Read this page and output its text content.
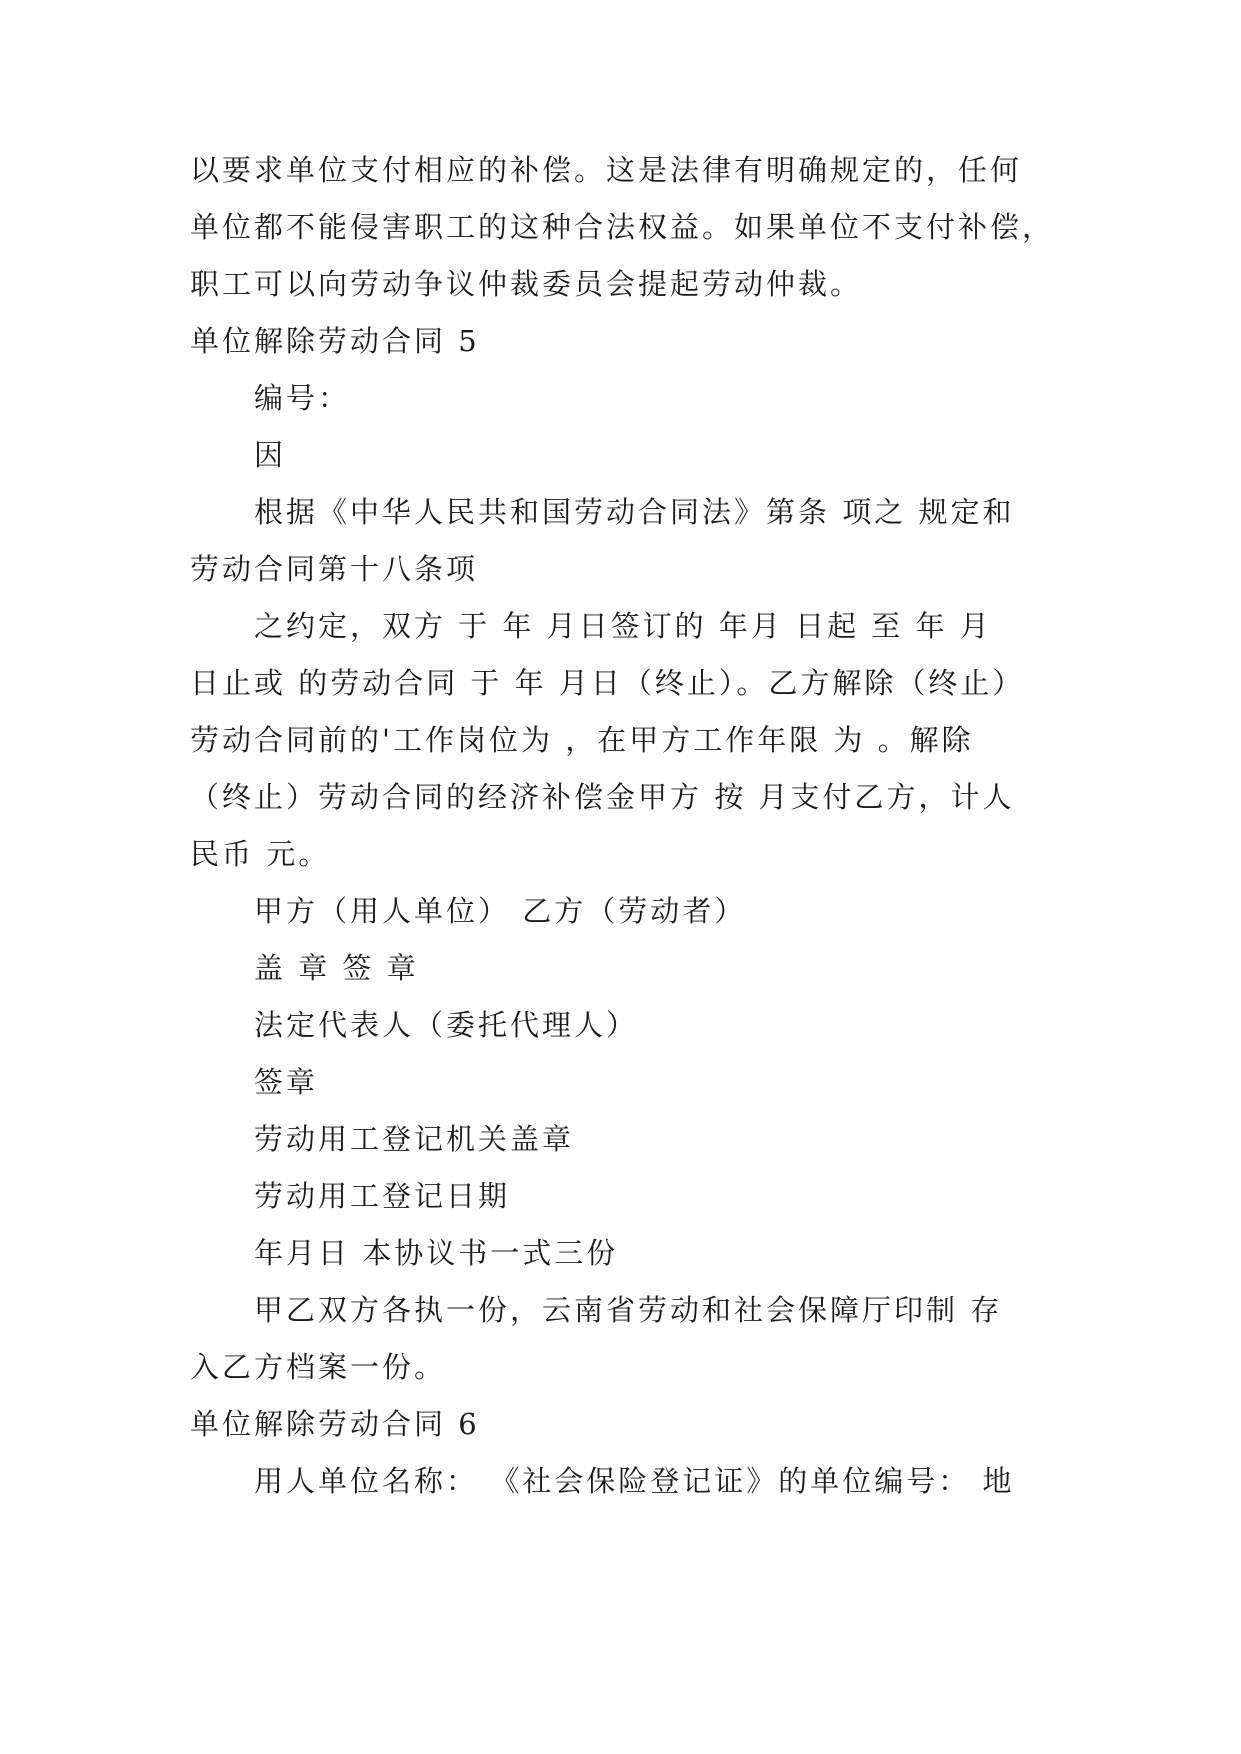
以要求单位支付相应的补偿。这是法律有明确规定的，任何
单位都不能侵害职工的这种合法权益。如果单位不支付补偿，
职工可以向劳动争议仲裁委员会提起劳动仲裁。
单位解除劳动合同 5
编号：
因
根据《中华人民共和国劳动合同法》第条 项之 规定和
劳动合同第十八条项
之约定，双方 于 年 月日签订的 年月 日起 至 年 月
日止或 的劳动合同 于 年 月日（终止）。乙方解除（终止）
劳动合同前的'工作岗位为 ，在甲方工作年限 为 。解除
（终止）劳动合同的经济补偿金甲方 按 月支付乙方，计人
民币 元。
甲方（用人单位） 乙方（劳动者）
盖 章 签 章
法定代表人（委托代理人）
签章
劳动用工登记机关盖章
劳动用工登记日期
年月日 本协议书一式三份
甲乙双方各执一份，云南省劳动和社会保障厅印制 存
入乙方档案一份。
单位解除劳动合同 6
用人单位名称： 《社会保险登记证》的单位编号： 地
